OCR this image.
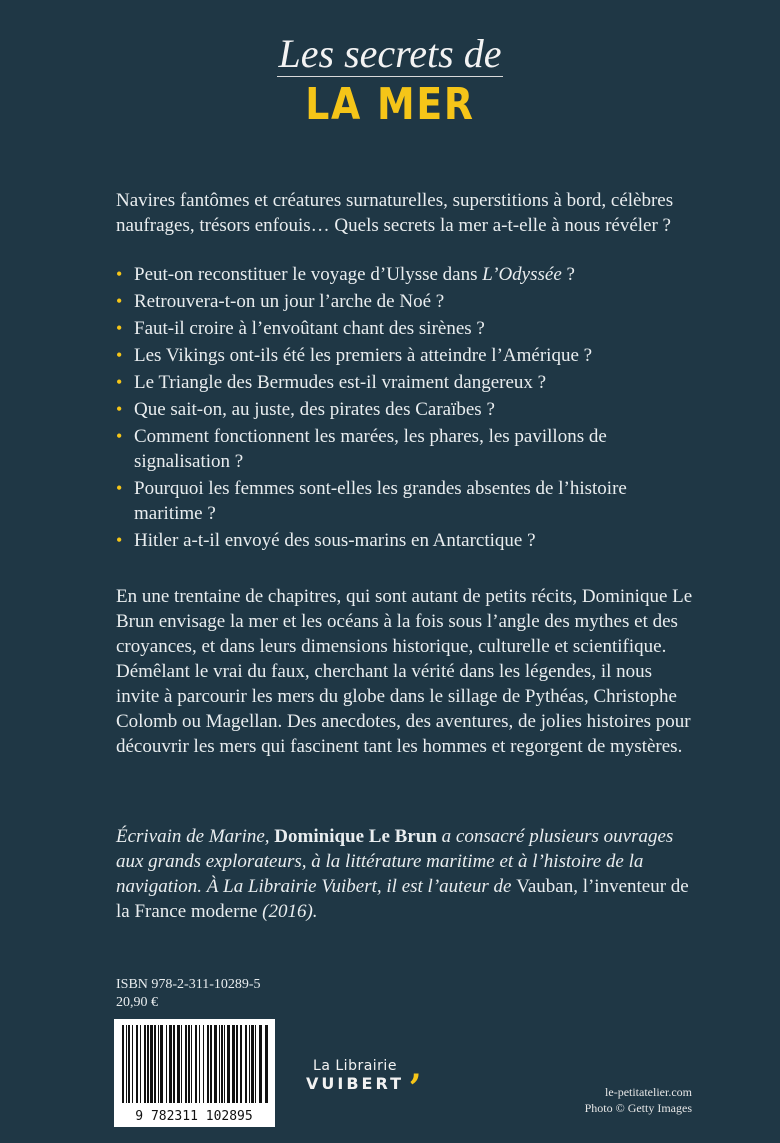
Les secrets de
LA MER

Navires fantômes et créatures surnaturelles, superstitions à bord, célèbres naufrages, trésors enfouis… Quels secrets la mer a-t-elle à nous révéler ?

• Peut-on reconstituer le voyage d’Ulysse dans L’Odyssée ?
• Retrouvera-t-on un jour l’arche de Noé ?
• Faut-il croire à l’envoûtant chant des sirènes ?
• Les Vikings ont-ils été les premiers à atteindre l’Amérique ?
• Le Triangle des Bermudes est-il vraiment dangereux ?
• Que sait-on, au juste, des pirates des Caraïbes ?
• Comment fonctionnent les marées, les phares, les pavillons de signalisation ?
• Pourquoi les femmes sont-elles les grandes absentes de l’histoire maritime ?
• Hitler a-t-il envoyé des sous-marins en Antarctique ?

En une trentaine de chapitres, qui sont autant de petits récits, Dominique Le Brun envisage la mer et les océans à la fois sous l’angle des mythes et des croyances, et dans leurs dimensions historique, culturelle et scientifique. Démêlant le vrai du faux, cherchant la vérité dans les légendes, il nous invite à parcourir les mers du globe dans le sillage de Pythéas, Christophe Colomb ou Magellan. Des anecdotes, des aventures, de jolies histoires pour découvrir les mers qui fascinent tant les hommes et regorgent de mystères.

Écrivain de Marine, Dominique Le Brun a consacré plusieurs ouvrages aux grands explorateurs, à la littérature maritime et à l’histoire de la navigation. À La Librairie Vuibert, il est l’auteur de Vauban, l’inventeur de la France moderne (2016).

ISBN 978-2-311-10289-5
20,90 €
9 782311 102895
La Librairie
VUIBERT ,
le-petitatelier.com
Photo © Getty Images
